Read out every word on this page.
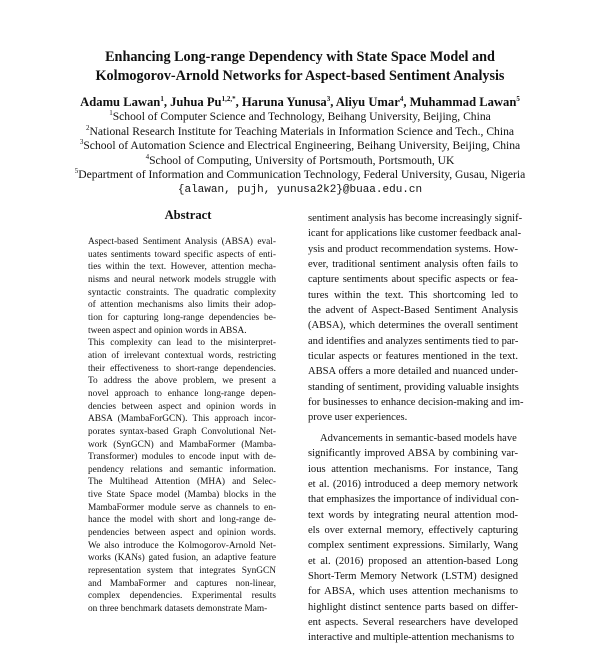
Enhancing Long-range Dependency with State Space Model and
Kolmogorov-Arnold Networks for Aspect-based Sentiment Analysis
Adamu Lawan$^1$, Juhua $Pu^{1,2,*}$, Haruna Yunusa$^3$, Aliyu Umar$^4$, Muhammad Lawan$^5$
$^1$School of Computer Science and Technology, Beihang University, Beijing, China
$^2$National Research Institute for Teaching Materials in Information Science and Tech., China
$^3$School of Automation Science and Electrical Engineering, Beihang University, Beijing, China
$^4$School of Computing, University of Portsmouth, Portsmouth, UK
$^5$Department of Information and Communication Technology, Federal University, Gusau, Nigeria
{alawan, pujh, yunusa2k2}@buaa.edu.cn
Abstract
Aspect-based Sentiment Analysis (ABSA) eval-
uates sentiments toward specific aspects of enti-
ties within the text. However, attention mecha-
nisms and neural network models struggle with
syntactic constraints. The quadratic complexity
of attention mechanisms also limits their adop-
tion for capturing long-range dependencies be-
tween aspect and opinion words in ABSA.
This complexity can lead to the misinterpret-
ation of irrelevant contextual words, restricting
their effectiveness to short-range dependencies.
To address the above problem, we present a
novel approach to enhance long-range depen-
dencies between aspect and opinion words in
ABSA (MambaForGCN). This approach incor-
porates syntax-based Graph Convolutional Net-
work (SynGCN) and MambaFormer (Mamba-
Transformer) modules to encode input with de-
pendency relations and semantic information.
The Multihead Attention (MHA) and Selec-
tive State Space model (Mamba) blocks in the
MambaFormer module serve as channels to en-
hance the model with short and long-range de-
pendencies between aspect and opinion words.
We also introduce the Kolmogorov-Arnold Net-
works (KANs) gated fusion, an adaptive feature
representation system that integrates SynGCN
and MambaFormer and captures non-linear,
complex dependencies. Experimental results
on three benchmark datasets demonstrate Mam-
sentiment analysis has become increasingly signif-
icant for applications like customer feedback anal-
ysis and product recommendation systems. How-
ever, traditional sentiment analysis often fails to
capture sentiments about specific aspects or fea-
tures within the text. This shortcoming led to
the advent of Aspect-Based Sentiment Analysis
(ABSA), which determines the overall sentiment
and identifies and analyzes sentiments tied to par-
ticular aspects or features mentioned in the text.
ABSA offers a more detailed and nuanced under-
standing of sentiment, providing valuable insights
for businesses to enhance decision-making and im-
prove user experiences.
Advancements in semantic-based models have
significantly improved ABSA by combining var-
ious attention mechanisms. For instance, Tang
et al. (2016) introduced a deep memory network
that emphasizes the importance of individual con-
text words by integrating neural attention mod-
els over external memory, effectively capturing
complex sentiment expressions. Similarly, Wang
et al. (2016) proposed an attention-based Long
Short-Term Memory Network (LSTM) designed
for ABSA, which uses attention mechanisms to
highlight distinct sentence parts based on differ-
ent aspects. Several researchers have developed
interactive and multiple-attention mechanisms to
